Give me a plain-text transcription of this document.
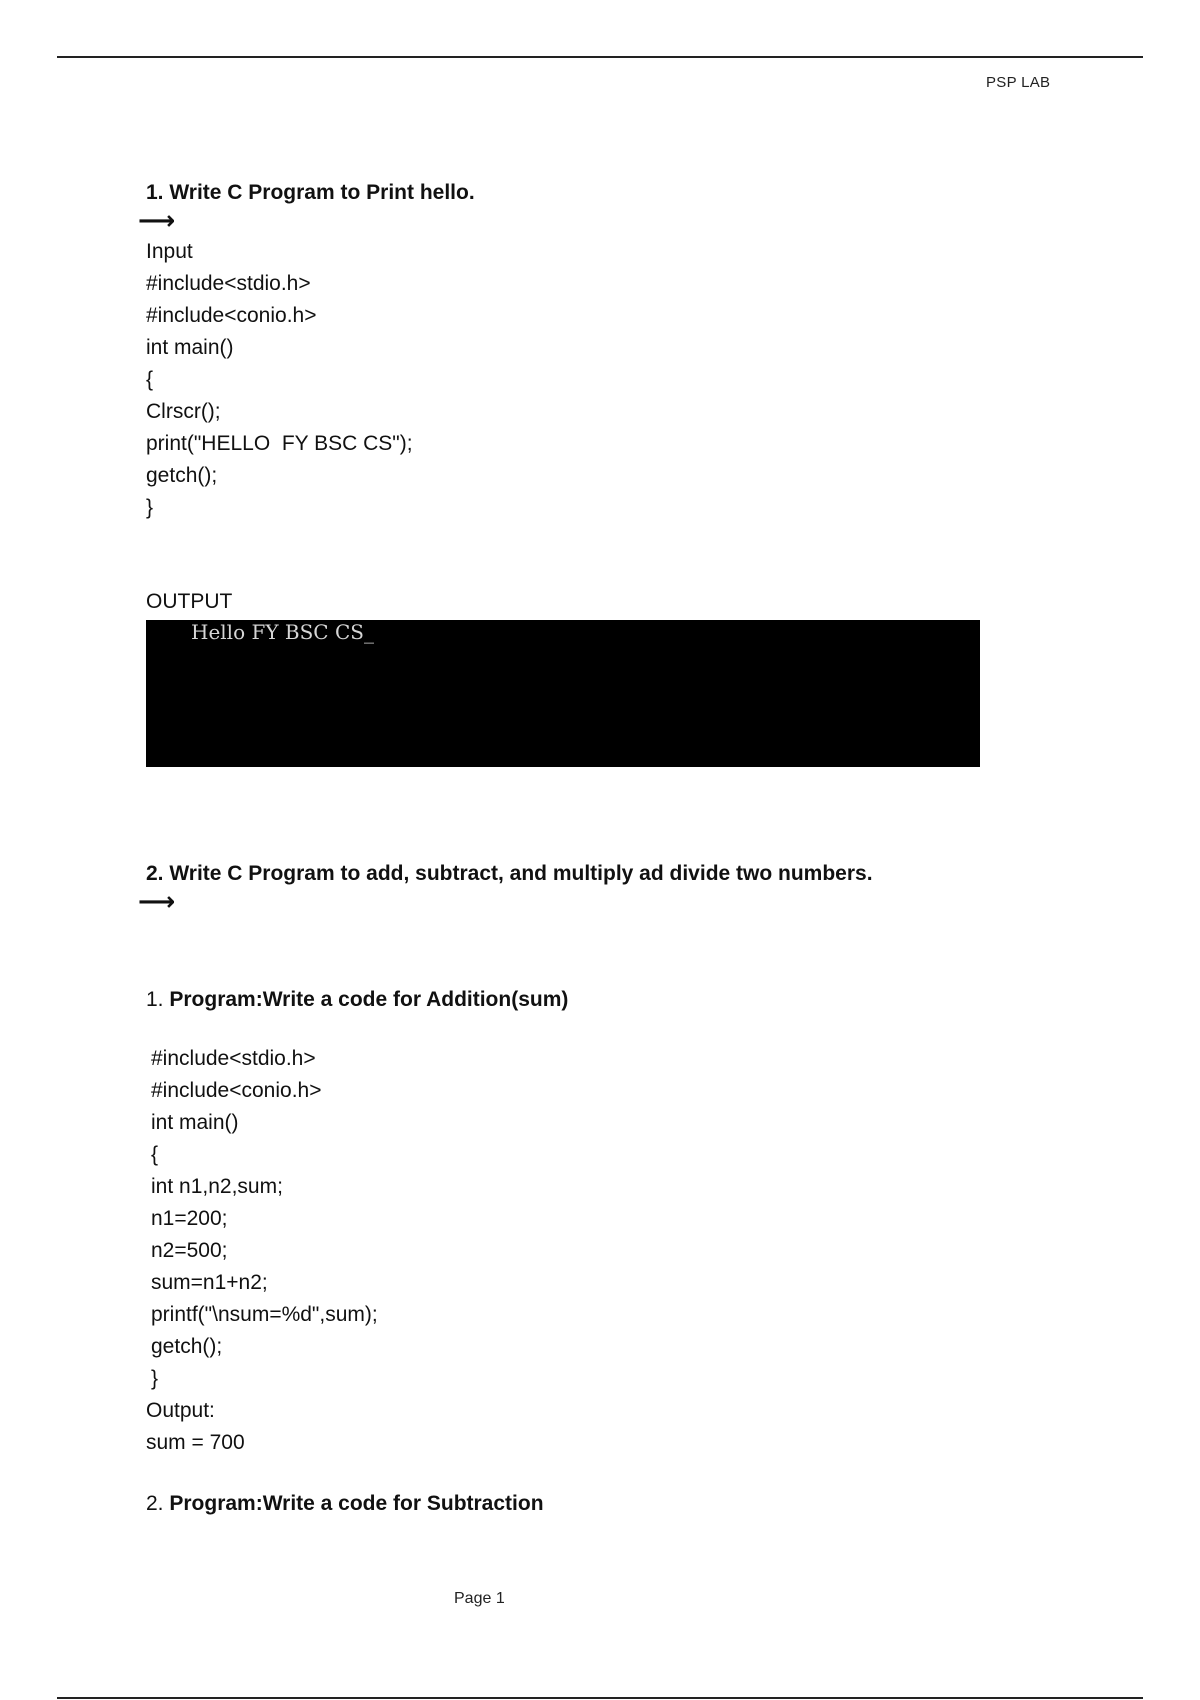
PSP LAB

1. Write C Program to Print hello.

⟶
Input
#include<stdio.h>
#include<conio.h>
int main()
{
Clrscr();
print("HELLO  FY BSC CS");
getch();
}
OUTPUT
Hello FY BSC CS_

2. Write C Program to add, subtract, and multiply ad divide two numbers.

⟶

1. Program:Write a code for Addition(sum)

#include<stdio.h>
#include<conio.h>
int main()
{
int n1,n2,sum;
n1=200;
n2=500;
sum=n1+n2;
printf("\nsum=%d",sum);
getch();
}
Output:
sum = 700

2. Program:Write a code for Subtraction

Page 1
